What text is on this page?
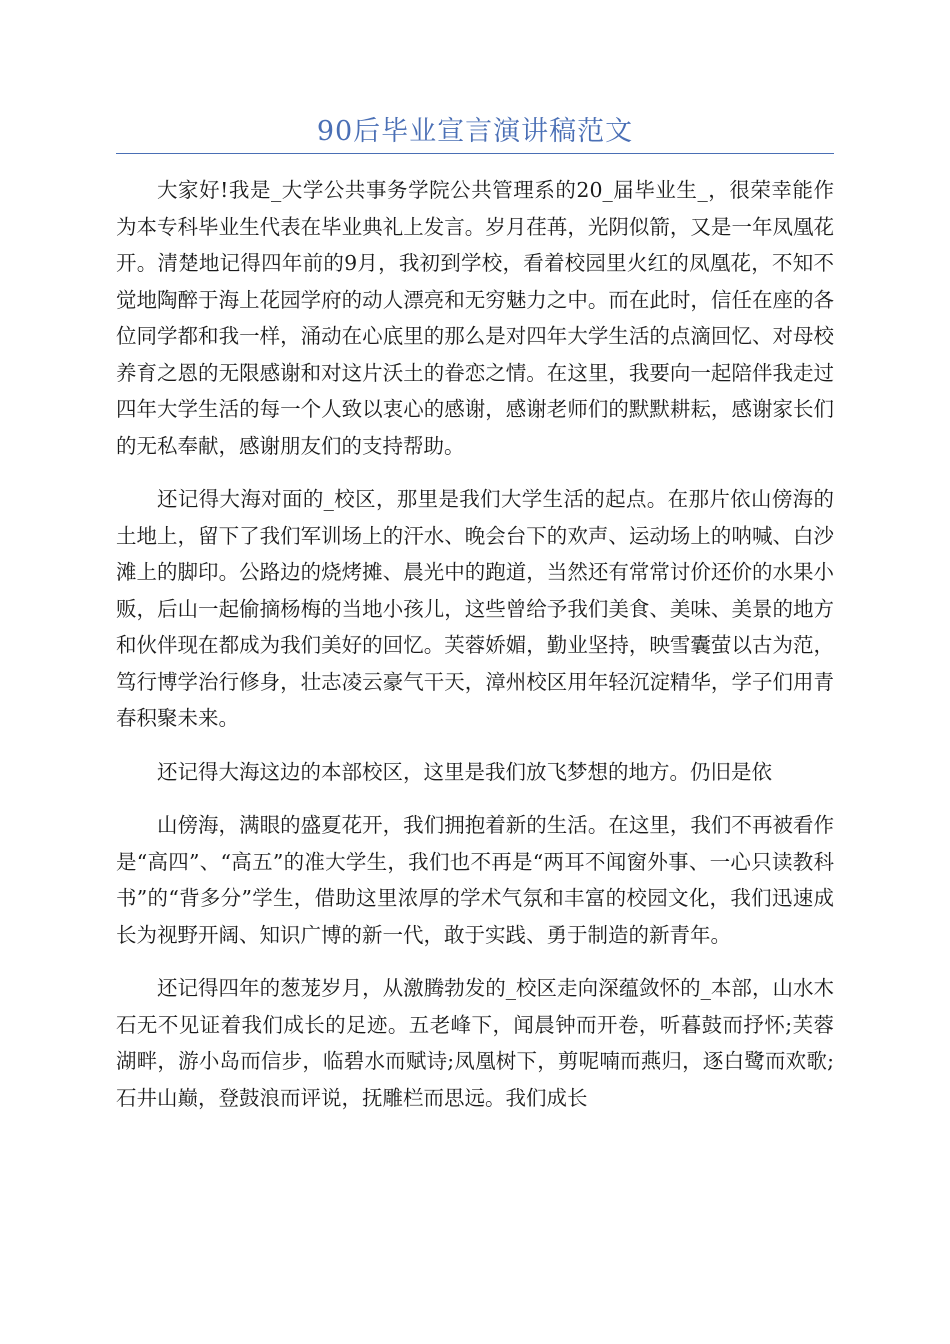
90后毕业宣言演讲稿范文

大家好!我是_大学公共事务学院公共管理系的20_届毕业生_，很荣幸能作为本专科毕业生代表在毕业典礼上发言。岁月荏苒，光阴似箭，又是一年凤凰花开。清楚地记得四年前的9月，我初到学校，看着校园里火红的凤凰花，不知不觉地陶醉于海上花园学府的动人漂亮和无穷魅力之中。而在此时，信任在座的各位同学都和我一样，涌动在心底里的那么是对四年大学生活的点滴回忆、对母校养育之恩的无限感谢和对这片沃土的眷恋之情。在这里，我要向一起陪伴我走过四年大学生活的每一个人致以衷心的感谢，感谢老师们的默默耕耘，感谢家长们的无私奉献，感谢朋友们的支持帮助。

还记得大海对面的_校区，那里是我们大学生活的起点。在那片依山傍海的土地上，留下了我们军训场上的汗水、晚会台下的欢声、运动场上的呐喊、白沙滩上的脚印。公路边的烧烤摊、晨光中的跑道，当然还有常常讨价还价的水果小贩，后山一起偷摘杨梅的当地小孩儿，这些曾给予我们美食、美味、美景的地方和伙伴现在都成为我们美好的回忆。芙蓉娇媚，勤业坚持，映雪囊萤以古为范，笃行博学治行修身，壮志凌云豪气干天，漳州校区用年轻沉淀精华，学子们用青春积聚未来。

还记得大海这边的本部校区，这里是我们放飞梦想的地方。仍旧是依

山傍海，满眼的盛夏花开，我们拥抱着新的生活。在这里，我们不再被看作是“高四”、“高五”的准大学生，我们也不再是“两耳不闻窗外事、一心只读教科书”的“背多分”学生，借助这里浓厚的学术气氛和丰富的校园文化，我们迅速成长为视野开阔、知识广博的新一代，敢于实践、勇于制造的新青年。

还记得四年的葱茏岁月，从激腾勃发的_校区走向深蕴敛怀的_本部，山水木石无不见证着我们成长的足迹。五老峰下，闻晨钟而开卷，听暮鼓而抒怀;芙蓉湖畔，游小岛而信步，临碧水而赋诗;凤凰树下，剪呢喃而燕归，逐白鹭而欢歌;石井山巅，登鼓浪而评说，抚雕栏而思远。我们成长
